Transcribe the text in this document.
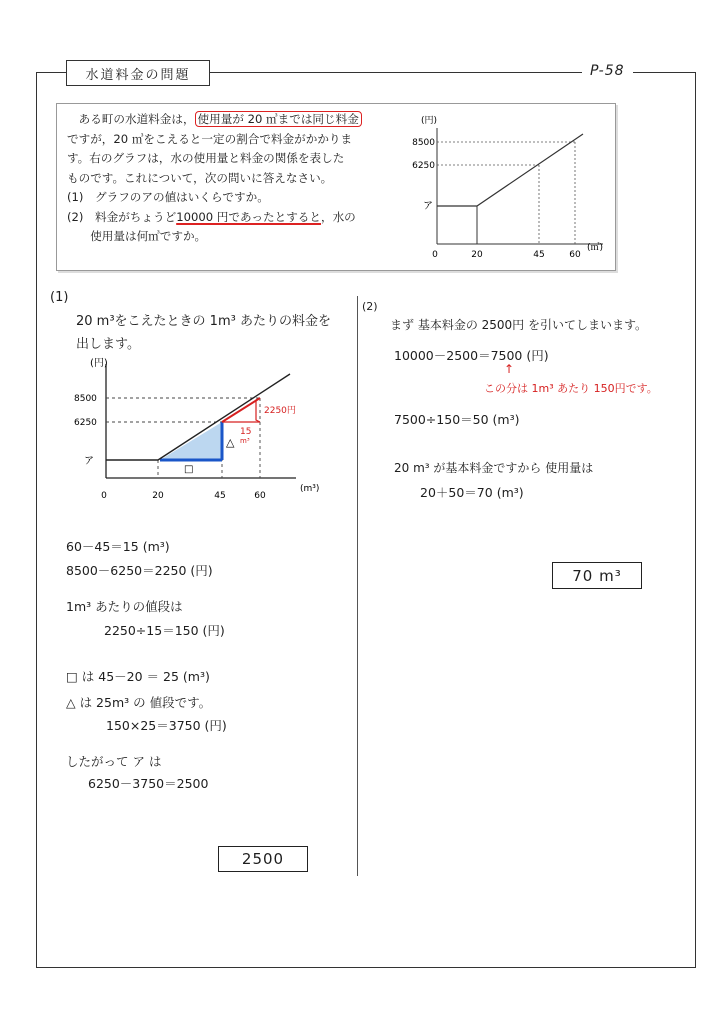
水道料金の問題	P-58

　ある町の水道料金は， 使用量が 20 ㎥までは同じ料金

ですが，20 ㎥をこえると一定の割合で料金がかかりま

す。右のグラフは，水の使用量と料金の関係を表した

ものです。これについて，次の問いに答えなさい。

(1)　グラフのアの値はいくらですか。

(2)　料金がちょうど10000 円であったとすると，水の

　　使用量は何㎥ですか。

(円)
8500
6250
ア
0	20	45	60
(㎥)
(1)
20 m³をこえたときの 1m³ あたりの料金を
出します。
(円)
8500
6250
ア
0	20	45	60
(m³)
2250円
15
m³
△
□
60－45＝15 (m³)
8500－6250＝2250 (円)
1m³ あたりの値段は
2250÷15＝150 (円)
□ は 45－20 ＝ 25 (m³)
△ は 25m³ の 値段です。
150×25＝3750 (円)
したがって ア は
6250－3750＝2500
2500
(2)
まず 基本料金の 2500円 を引いてしまいます。
10000－2500＝7500 (円)
↑
この分は 1m³ あたり 150円です。
7500÷150＝50 (m³)
20 m³ が基本料金ですから 使用量は
20＋50＝70 (m³)
70 m³
